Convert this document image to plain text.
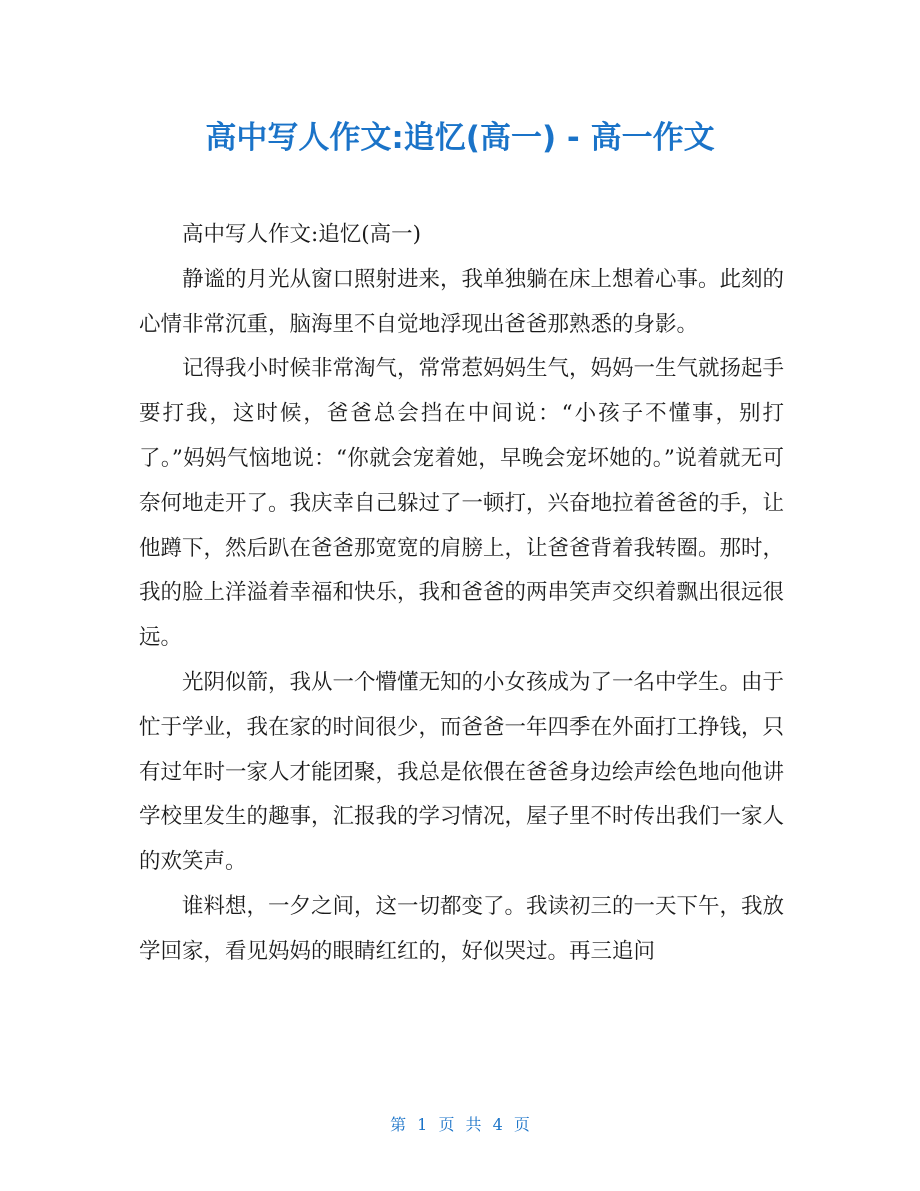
高中写人作文:追忆(高一) - 高一作文

高中写人作文:追忆(高一)

静谧的月光从窗口照射进来，我单独躺在床上想着心事。此刻的心情非常沉重，脑海里不自觉地浮现出爸爸那熟悉的身影。

记得我小时候非常淘气，常常惹妈妈生气，妈妈一生气就扬起手要打我，这时候，爸爸总会挡在中间说：“小孩子不懂事，别打了。”妈妈气恼地说：“你就会宠着她，早晚会宠坏她的。”说着就无可奈何地走开了。我庆幸自己躲过了一顿打，兴奋地拉着爸爸的手，让他蹲下，然后趴在爸爸那宽宽的肩膀上，让爸爸背着我转圈。那时，我的脸上洋溢着幸福和快乐，我和爸爸的两串笑声交织着飘出很远很远。

光阴似箭，我从一个懵懂无知的小女孩成为了一名中学生。由于忙于学业，我在家的时间很少，而爸爸一年四季在外面打工挣钱，只有过年时一家人才能团聚，我总是依偎在爸爸身边绘声绘色地向他讲学校里发生的趣事，汇报我的学习情况，屋子里不时传出我们一家人的欢笑声。

谁料想，一夕之间，这一切都变了。我读初三的一天下午，我放学回家，看见妈妈的眼睛红红的，好似哭过。再三追问

第 1 页 共 4 页
